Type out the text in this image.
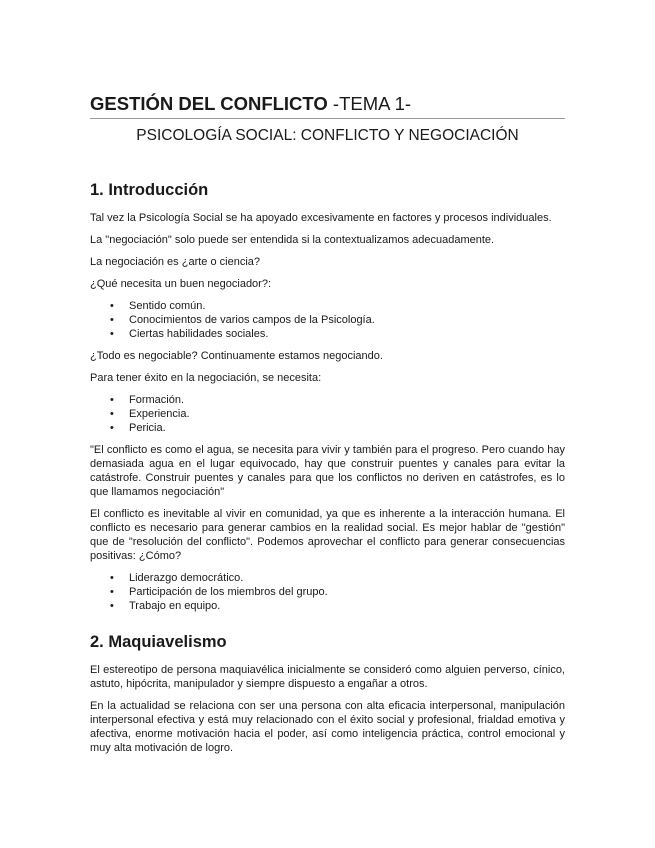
GESTIÓN DEL CONFLICTO -TEMA 1-
PSICOLOGÍA SOCIAL: CONFLICTO Y NEGOCIACIÓN
1. Introducción

Tal vez la Psicología Social se ha apoyado excesivamente en factores y procesos individuales.

La "negociación" solo puede ser entendida si la contextualizamos adecuadamente.

La negociación es ¿arte o ciencia?

¿Qué necesita un buen negociador?:

• Sentido común.
• Conocimientos de varios campos de la Psicología.
• Ciertas habilidades sociales.

¿Todo es negociable? Continuamente estamos negociando.

Para tener éxito en la negociación, se necesita:

• Formación.
• Experiencia.
• Pericia.

"El conflicto es como el agua, se necesita para vivir y también para el progreso. Pero cuando hay demasiada agua en el lugar equivocado, hay que construir puentes y canales para evitar la catástrofe. Construir puentes y canales para que los conflictos no deriven en catástrofes, es lo que llamamos negociación"

El conflicto es inevitable al vivir en comunidad, ya que es inherente a la interacción humana. El conflicto es necesario para generar cambios en la realidad social. Es mejor hablar de "gestión" que de "resolución del conflicto". Podemos aprovechar el conflicto para generar consecuencias positivas: ¿Cómo?

• Liderazgo democrático.
• Participación de los miembros del grupo.
• Trabajo en equipo.
2. Maquiavelismo

El estereotipo de persona maquiavélica inicialmente se consideró como alguien perverso, cínico, astuto, hipócrita, manipulador y siempre dispuesto a engañar a otros.

En la actualidad se relaciona con ser una persona con alta eficacia interpersonal, manipulación interpersonal efectiva y está muy relacionado con el éxito social y profesional, frialdad emotiva y afectiva, enorme motivación hacia el poder, así como inteligencia práctica, control emocional y muy alta motivación de logro.
